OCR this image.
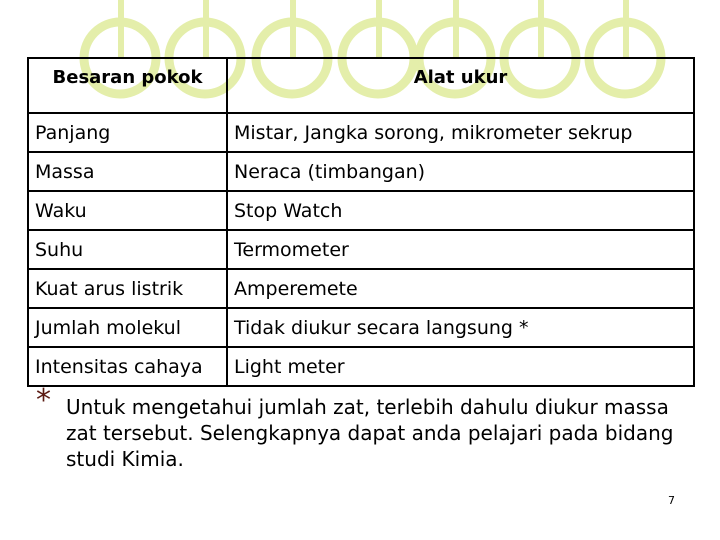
Besaran pokok	Alat ukur
Panjang	Mistar, Jangka sorong, mikrometer sekrup
Massa	Neraca (timbangan)
Waku	Stop Watch
Suhu	Termometer
Kuat arus listrik	Amperemete
Jumlah molekul	Tidak diukur secara langsung *
Intensitas cahaya	Light meter
* Untuk mengetahui jumlah zat, terlebih dahulu diukur massa zat tersebut. Selengkapnya dapat anda pelajari pada bidang studi Kimia.
7
